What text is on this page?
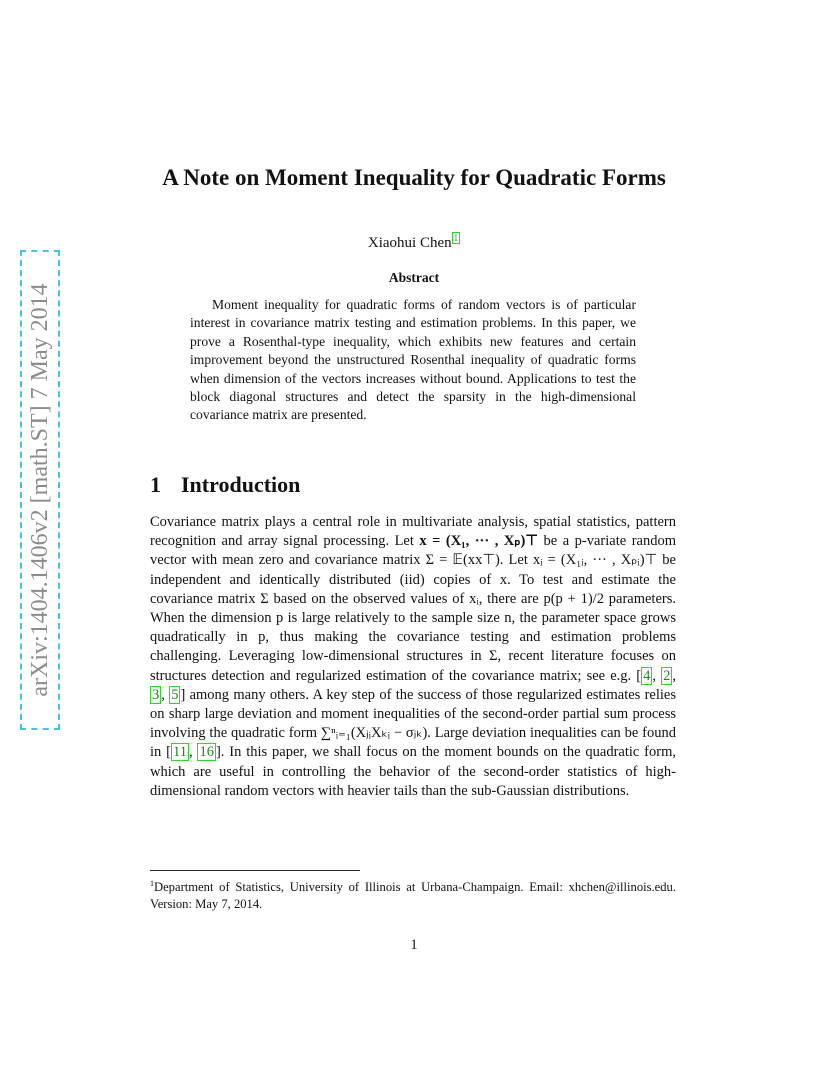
arXiv:1404.1406v2 [math.ST] 7 May 2014
A Note on Moment Inequality for Quadratic Forms
Xiaohui Chen $^1$
Abstract

Moment inequality for quadratic forms of random vectors is of particular interest in covariance matrix testing and estimation problems. In this paper, we prove a Rosenthal-type inequality, which exhibits new features and certain improvement beyond the unstructured Rosenthal inequality of quadratic forms when dimension of the vectors increases without bound. Applications to test the block diagonal structures and detect the sparsity in the high-dimensional covariance matrix are presented.

1 Introduction

Covariance matrix plays a central role in multivariate analysis, spatial statistics, pattern recognition and array signal processing. Let x = (X₁, ··· , Xₚ)⊤ be a p-variate random vector with mean zero and covariance matrix Σ = 𝔼(xx⊤). Let xᵢ = (X₁ᵢ, ··· , Xₚᵢ)⊤ be independent and identically distributed (iid) copies of x. To test and estimate the covariance matrix Σ based on the observed values of xᵢ, there are p(p + 1)/2 parameters. When the dimension p is large relatively to the sample size n, the parameter space grows quadratically in p, thus making the covariance testing and estimation problems challenging. Leveraging low-dimensional structures in Σ, recent literature focuses on structures detection and regularized estimation of the covariance matrix; see e.g. [ 4 , 2 , 3 , 5 ] among many others. A key step of the success of those regularized estimates relies on sharp large deviation and moment inequalities of the second-order partial sum process involving the quadratic form ∑ⁿᵢ₌₁(XⱼᵢXₖᵢ − σⱼₖ). Large deviation inequalities can be found in [ 11 , 16 ]. In this paper, we shall focus on the moment bounds on the quadratic form, which are useful in controlling the behavior of the second-order statistics of high-dimensional random vectors with heavier tails than the sub-Gaussian distributions.

$^1$Department of Statistics, University of Illinois at Urbana-Champaign. Email: xhchen@illinois.edu. Version: May 7, 2014.

1
